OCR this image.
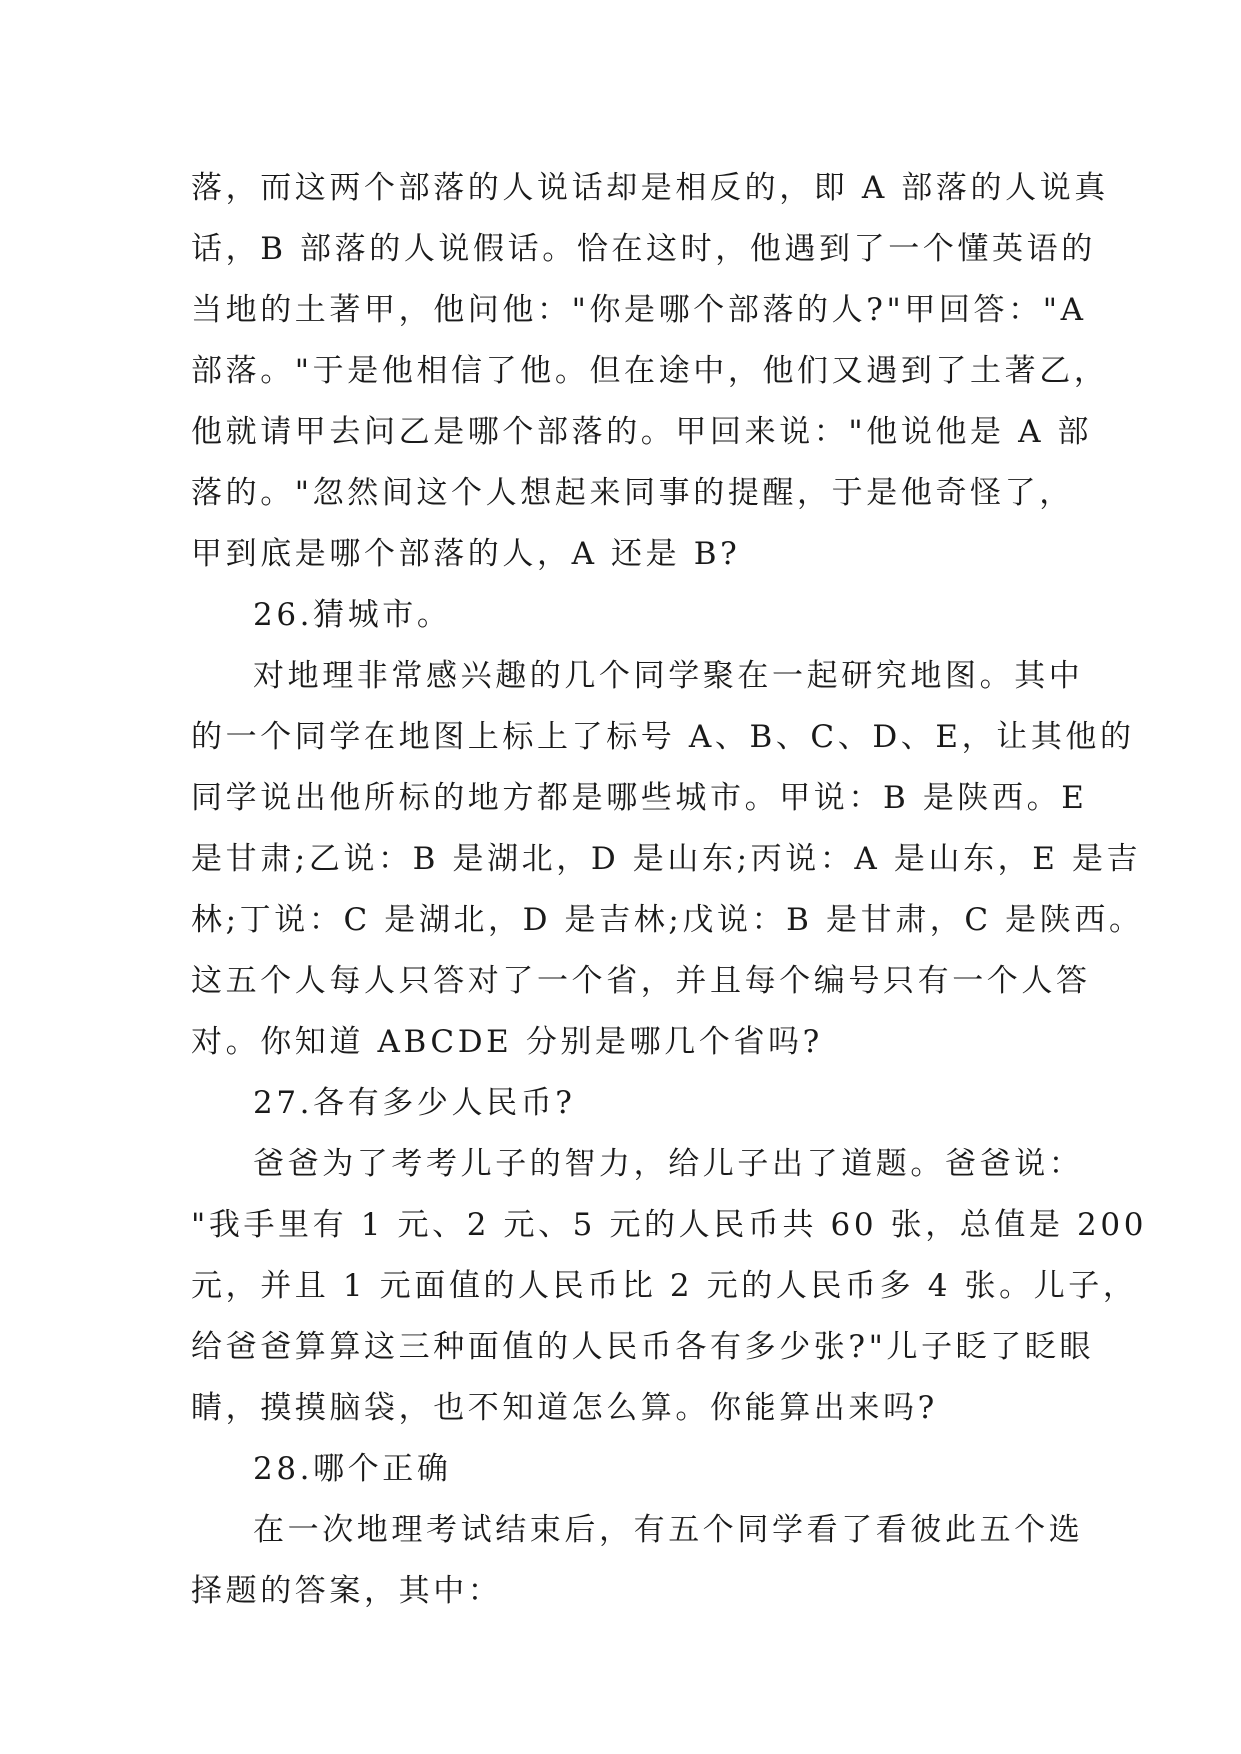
落，而这两个部落的人说话却是相反的，即 A 部落的人说真
话，B 部落的人说假话。恰在这时，他遇到了一个懂英语的
当地的土著甲，他问他："你是哪个部落的人?"甲回答："A
部落。"于是他相信了他。但在途中，他们又遇到了土著乙，
他就请甲去问乙是哪个部落的。甲回来说："他说他是 A 部
落的。"忽然间这个人想起来同事的提醒，于是他奇怪了，
甲到底是哪个部落的人，A 还是 B?
26.猜城市。
对地理非常感兴趣的几个同学聚在一起研究地图。其中
的一个同学在地图上标上了标号 A、B、C、D、E，让其他的
同学说出他所标的地方都是哪些城市。甲说：B 是陕西。E
是甘肃;乙说：B 是湖北，D 是山东;丙说：A 是山东，E 是吉
林;丁说：C 是湖北，D 是吉林;戊说：B 是甘肃，C 是陕西。
这五个人每人只答对了一个省，并且每个编号只有一个人答
对。你知道 ABCDE 分别是哪几个省吗?
27.各有多少人民币?
爸爸为了考考儿子的智力，给儿子出了道题。爸爸说：
"我手里有 1 元、2 元、5 元的人民币共 60 张，总值是 200
元，并且 1 元面值的人民币比 2 元的人民币多 4 张。儿子，
给爸爸算算这三种面值的人民币各有多少张?"儿子眨了眨眼
睛，摸摸脑袋，也不知道怎么算。你能算出来吗?
28.哪个正确
在一次地理考试结束后，有五个同学看了看彼此五个选
择题的答案，其中：
